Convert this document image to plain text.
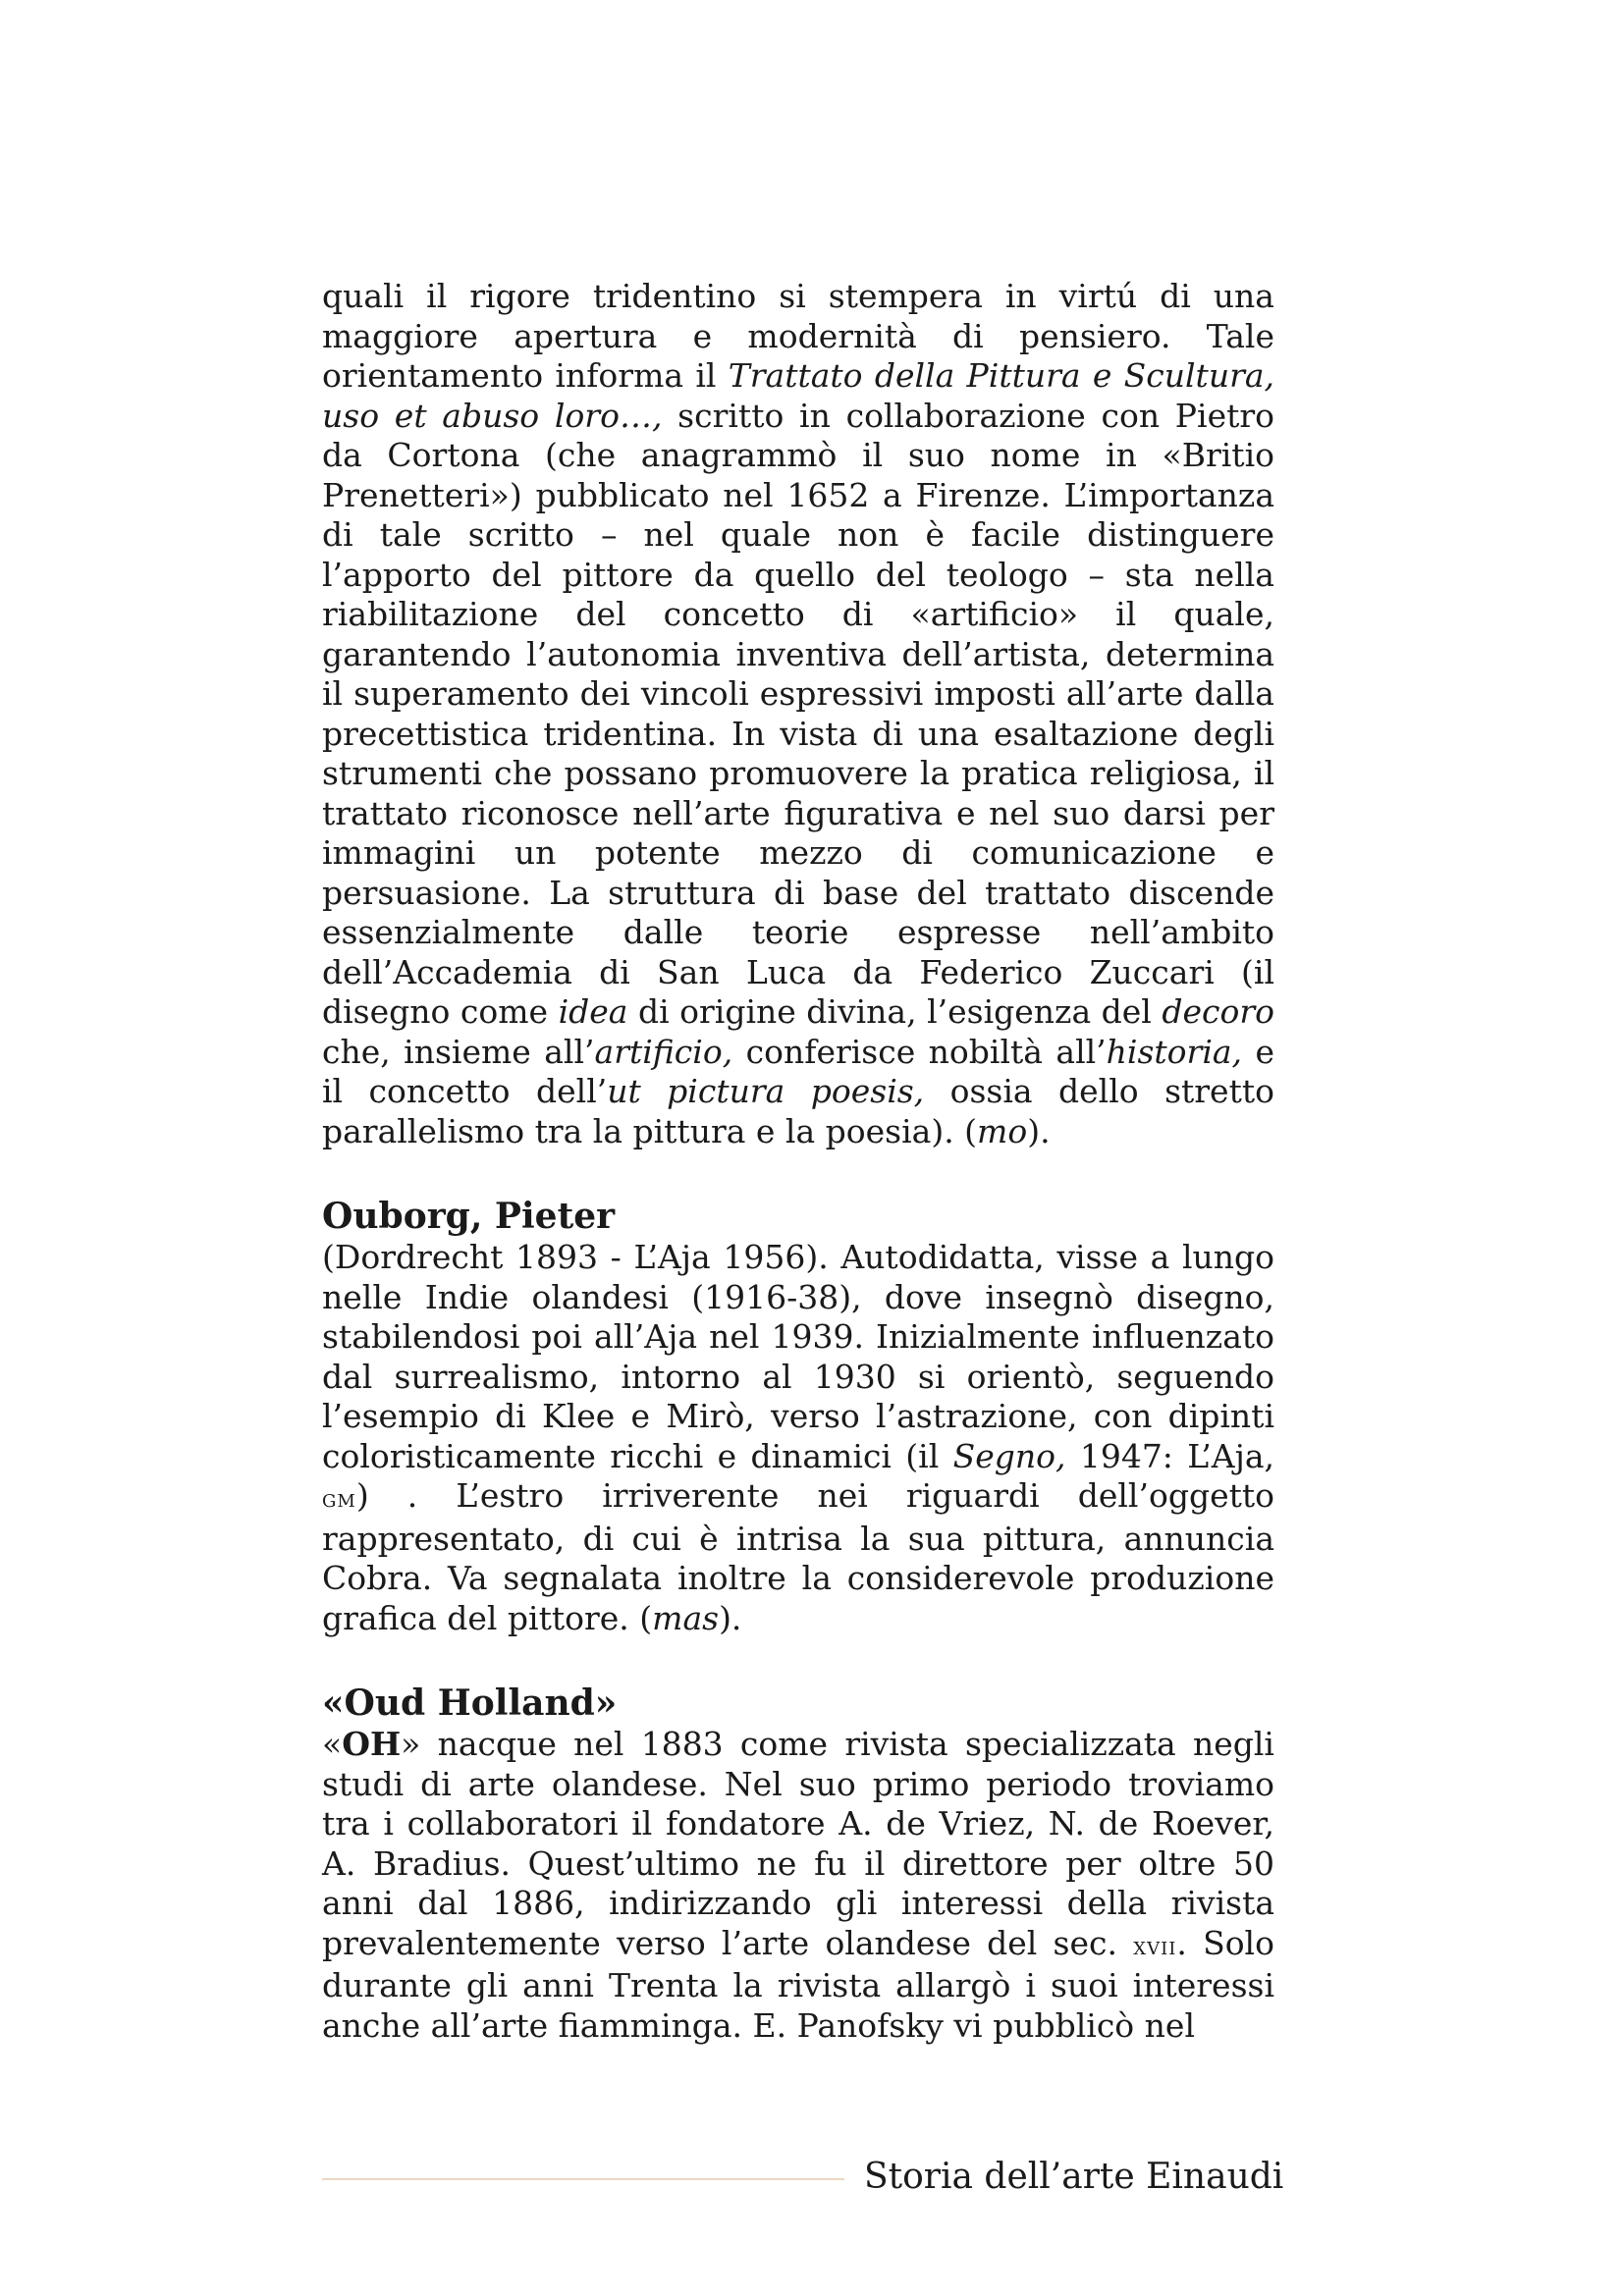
quali il rigore tridentino si stempera in virtú di una maggiore apertura e modernità di pensiero. Tale orientamento informa il Trattato della Pittura e Scultura, uso et abuso loro…, scritto in collaborazione con Pietro da Cortona (che anagrammò il suo nome in «Britio Prenetteri») pubblicato nel 1652 a Firenze. L’importanza di tale scritto – nel quale non è facile distinguere l’apporto del pittore da quello del teologo – sta nella riabilitazione del concetto di «artificio» il quale, garantendo l’autonomia inventiva dell’artista, determina il superamento dei vincoli espressivi imposti all’arte dalla precettistica tridentina. In vista di una esaltazione degli strumenti che possano promuovere la pratica religiosa, il trattato riconosce nell’arte figurativa e nel suo darsi per immagini un potente mezzo di comunicazione e persuasione. La struttura di base del trattato discende essenzialmente dalle teorie espresse nell’ambito dell’Accademia di San Luca da Federico Zuccari (il disegno come idea di origine divina, l’esigenza del decoro che, insieme all’artificio, conferisce nobiltà all’historia, e il concetto dell’ut pictura poesis, ossia dello stretto parallelismo tra la pittura e la poesia). (mo).

Ouborg, Pieter

(Dordrecht 1893 - L’Aja 1956). Autodidatta, visse a lungo nelle Indie olandesi (1916-38), dove insegnò disegno, stabilendosi poi all’Aja nel 1939. Inizialmente influenzato dal surrealismo, intorno al 1930 si orientò, seguendo l’esempio di Klee e Mirò, verso l’astrazione, con dipinti coloristicamente ricchi e dinamici (il Segno, 1947: L’Aja, gm) . L’estro irriverente nei riguardi dell’oggetto rappresentato, di cui è intrisa la sua pittura, annuncia Cobra. Va segnalata inoltre la considerevole produzione grafica del pittore. (mas).

«Oud Holland»

«OH» nacque nel 1883 come rivista specializzata negli studi di arte olandese. Nel suo primo periodo troviamo tra i collaboratori il fondatore A. de Vriez, N. de Roever, A. Bradius. Quest’ultimo ne fu il direttore per oltre 50 anni dal 1886, indirizzando gli interessi della rivista prevalentemente verso l’arte olandese del sec. xvii. Solo durante gli anni Trenta la rivista allargò i suoi interessi anche all’arte fiamminga. E. Panofsky vi pubblicò nel

Storia dell’arte Einaudi
